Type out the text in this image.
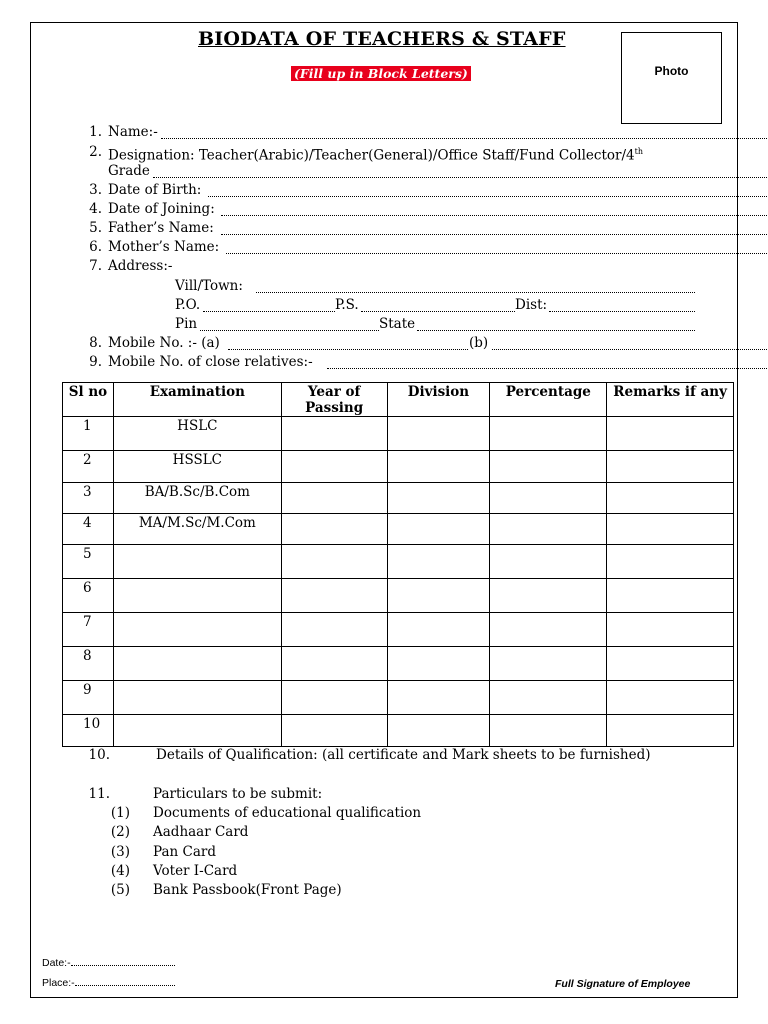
BIODATA OF TEACHERS & STAFF
(Fill up in Block Letters)	Photo
1. Name:-
2. Designation: Teacher(Arabic)/Teacher(General)/Office Staff/Fund Collector/4th
Grade
3. Date of Birth:
4. Date of Joining:
5. Father’s Name:
6. Mother’s Name:
7. Address:-
Vill/Town:
P.O.	P.S.	Dist:
Pin	State
8. Mobile No. :- (a)	(b)
9. Mobile No. of close relatives:-
Sl no	Examination	Year of Passing	Division	Percentage	Remarks if any
1	HSLC				
2	HSSLC				
3	BA/B.Sc/B.Com				
4	MA/M.Sc/M.Com				
5					
6					
7					
8					
9					
10					
10.	Details of Qualification: (all certificate and Mark sheets to be furnished)
11.	Particulars to be submit:
(1) Documents of educational qualification
(2) Aadhaar Card
(3) Pan Card
(4) Voter I-Card
(5) Bank Passbook(Front Page)
Date:-
Place:-	Full Signature of Employee
